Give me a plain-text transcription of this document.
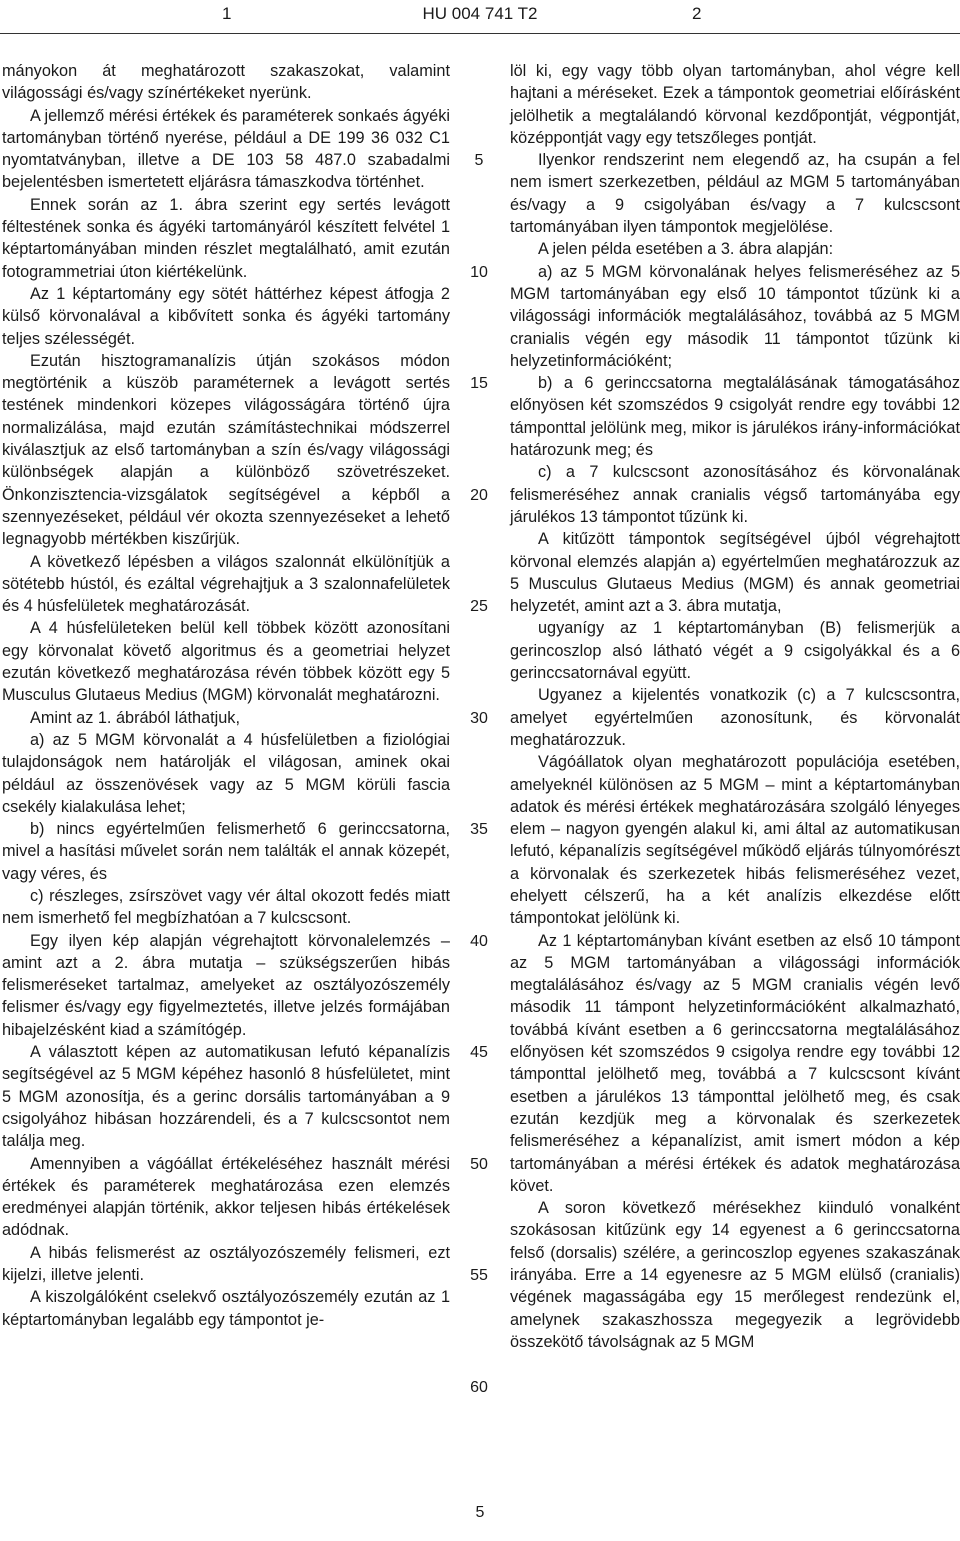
1	HU 004 741 T2	2

mányokon át meghatározott szakaszokat, valamint világossági és/vagy színértékeket nyerünk.

A jellemző mérési értékek és paraméterek sonkaés ágyéki tartományban történő nyerése, például a DE 199 36 032 C1 nyomtatványban, illetve a DE 103 58 487.0 szabadalmi bejelentésben ismertetett eljárásra támaszkodva történhet.

Ennek során az 1. ábra szerint egy sertés levágott féltestének sonka és ágyéki tartományáról készített felvétel 1 képtartományában minden részlet megtalálható, amit ezután fotogrammetriai úton kiértékelünk.

Az 1 képtartomány egy sötét háttérhez képest átfogja 2 külső körvonalával a kibővített sonka és ágyéki tartomány teljes szélességét.

Ezután hisztogramanalízis útján szokásos módon megtörténik a küszöb paraméternek a levágott sertés testének mindenkori közepes világosságára történő újra normalizálása, majd ezután számítástechnikai módszerrel kiválasztjuk az első tartományban a szín és/vagy világossági különbségek alapján a különböző szövetrészeket. Önkonzisztencia-vizsgálatok segítségével a képből a szennyezéseket, például vér okozta szennyezéseket a lehető legnagyobb mértékben kiszűrjük.

A következő lépésben a világos szalonnát elkülönítjük a sötétebb hústól, és ezáltal végrehajtjuk a 3 szalonnafelületek és 4 húsfelületek meghatározását.

A 4 húsfelületeken belül kell többek között azonosítani egy körvonalat követő algoritmus és a geometriai helyzet ezután következő meghatározása révén többek között egy 5 Musculus Glutaeus Medius (MGM) körvonalát meghatározni.

Amint az 1. ábrából láthatjuk,

a) az 5 MGM körvonalát a 4 húsfelületben a fiziológiai tulajdonságok nem határolják el világosan, aminek okai például az összenövések vagy az 5 MGM körüli fascia csekély kialakulása lehet;

b) nincs egyértelműen felismerhető 6 gerinccsatorna, mivel a hasítási művelet során nem találták el annak közepét, vagy véres, és

c) részleges, zsírszövet vagy vér által okozott fedés miatt nem ismerhető fel megbízhatóan a 7 kulcscsont.

Egy ilyen kép alapján végrehajtott körvonalelemzés – amint azt a 2. ábra mutatja – szükségszerűen hibás felismeréseket tartalmaz, amelyeket az osztályozószemély felismer és/vagy egy figyelmeztetés, illetve jelzés formájában hibajelzésként kiad a számítógép.

A választott képen az automatikusan lefutó képanalízis segítségével az 5 MGM képéhez hasonló 8 húsfelületet, mint 5 MGM azonosítja, és a gerinc dorsális tartományában a 9 csigolyához hibásan hozzárendeli, és a 7 kulcscsontot nem találja meg.

Amennyiben a vágóállat értékeléséhez használt mérési értékek és paraméterek meghatározása ezen elemzés eredményei alapján történik, akkor teljesen hibás értékelések adódnak.

A hibás felismerést az osztályozószemély felismeri, ezt kijelzi, illetve jelenti.

A kiszolgálóként cselekvő osztályozószemély ezután az 1 képtartományban legalább egy támpontot je-

löl ki, egy vagy több olyan tartományban, ahol végre kell hajtani a méréseket. Ezek a támpontok geometriai előírásként jelölhetik a megtalálandó körvonal kezdőpontját, végpontját, középpontját vagy egy tetszőleges pontját.

Ilyenkor rendszerint nem elegendő az, ha csupán a fel nem ismert szerkezetben, például az MGM 5 tartományában és/vagy a 9 csigolyában és/vagy a 7 kulcscsont tartományában ilyen támpontok megjelölése.

A jelen példa esetében a 3. ábra alapján:

a) az 5 MGM körvonalának helyes felismeréséhez az 5 MGM tartományában egy első 10 támpontot tűzünk ki a világossági információk megtalálásához, továbbá az 5 MGM cranialis végén egy második 11 támpontot tűzünk ki helyzetinformációként;

b) a 6 gerinccsatorna megtalálásának támogatásához előnyösen két szomszédos 9 csigolyát rendre egy további 12 támponttal jelölünk meg, mikor is járulékos irány-információkat határozunk meg; és

c) a 7 kulcscsont azonosításához és körvonalának felismeréséhez annak cranialis végső tartományába egy járulékos 13 támpontot tűzünk ki.

A kitűzött támpontok segítségével újból végrehajtott körvonal elemzés alapján a) egyértelműen meghatározzuk az 5 Musculus Glutaeus Medius (MGM) és annak geometriai helyzetét, amint azt a 3. ábra mutatja,

ugyanígy az 1 képtartományban (B) felismerjük a gerincoszlop alsó látható végét a 9 csigolyákkal és a 6 gerinccsatornával együtt.

Ugyanez a kijelentés vonatkozik (c) a 7 kulcscsontra, amelyet egyértelműen azonosítunk, és körvonalát meghatározzuk.

Vágóállatok olyan meghatározott populációja esetében, amelyeknél különösen az 5 MGM – mint a képtartományban adatok és mérési értékek meghatározására szolgáló lényeges elem – nagyon gyengén alakul ki, ami által az automatikusan lefutó, képanalízis segítségével működő eljárás túlnyomórészt a körvonalak és szerkezetek hibás felismeréséhez vezet, ehelyett célszerű, ha a két analízis elkezdése előtt támpontokat jelölünk ki.

Az 1 képtartományban kívánt esetben az első 10 támpont az 5 MGM tartományában a világossági információk megtalálásához és/vagy az 5 MGM cranialis végén levő második 11 támpont helyzetinformációként alkalmazható, továbbá kívánt esetben a 6 gerinccsatorna megtalálásához előnyösen két szomszédos 9 csigolya rendre egy további 12 támponttal jelölhető meg, továbbá a 7 kulcscsont kívánt esetben a járulékos 13 támponttal jelölhető meg, és csak ezután kezdjük meg a körvonalak és szerkezetek felismeréséhez a képanalízist, amit ismert módon a kép tartományában a mérési értékek és adatok meghatározása követ.

A soron következő mérésekhez kiinduló vonalként szokásosan kitűzünk egy 14 egyenest a 6 gerinccsatorna felső (dorsalis) szélére, a gerincoszlop egyenes szakaszának irányába. Erre a 14 egyenesre az 5 MGM elülső (cranialis) végének magasságába egy 15 merőlegest rendezünk el, amelynek szakaszhossza megegyezik a legrövidebb összekötő távolságnak az 5 MGM

5
10
15
20
25
30
35
40
45
50
55
60
5
